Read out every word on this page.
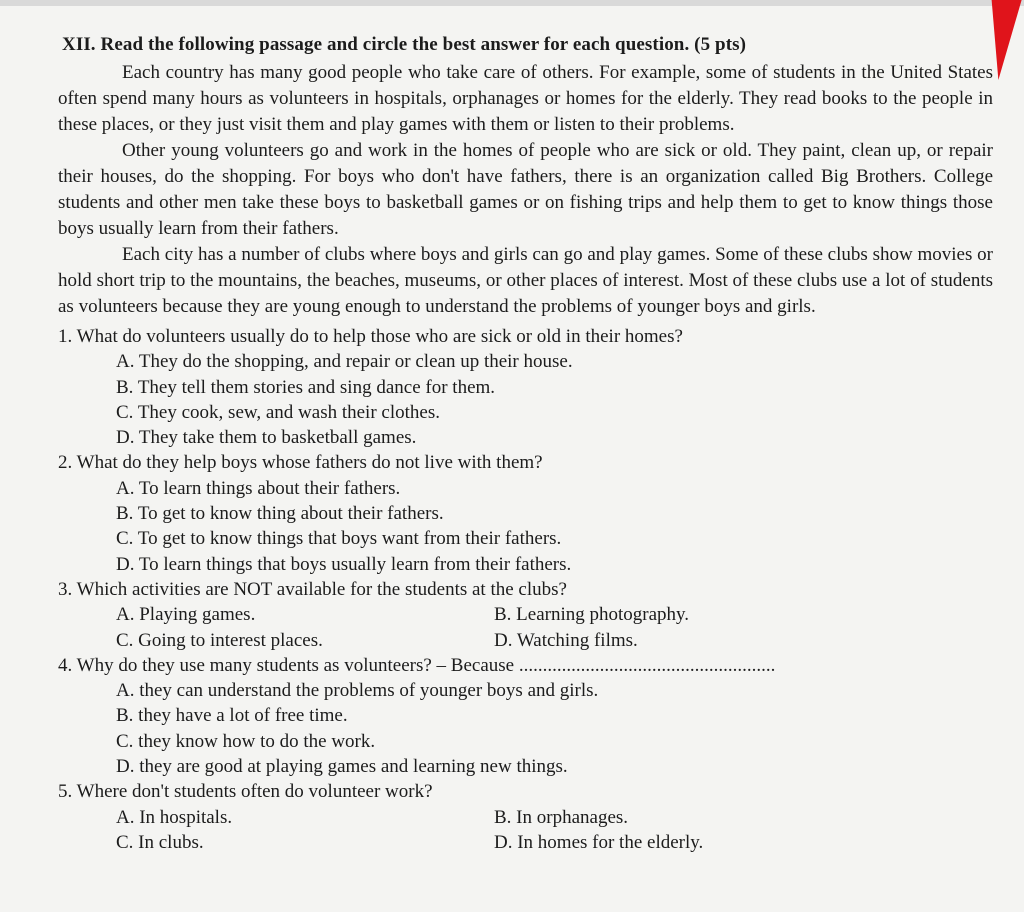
XII. Read the following passage and circle the best answer for each question. (5 pts)

Each country has many good people who take care of others. For example, some of students in the United States often spend many hours as volunteers in hospitals, orphanages or homes for the elderly. They read books to the people in these places, or they just visit them and play games with them or listen to their problems.

Other young volunteers go and work in the homes of people who are sick or old. They paint, clean up, or repair their houses, do the shopping. For boys who don't have fathers, there is an organization called Big Brothers. College students and other men take these boys to basketball games or on fishing trips and help them to get to know things those boys usually learn from their fathers.

Each city has a number of clubs where boys and girls can go and play games. Some of these clubs show movies or hold short trip to the mountains, the beaches, museums, or other places of interest. Most of these clubs use a lot of students as volunteers because they are young enough to understand the problems of younger boys and girls.

1. What do volunteers usually do to help those who are sick or old in their homes?
A. They do the shopping, and repair or clean up their house.
B. They tell them stories and sing dance for them.
C. They cook, sew, and wash their clothes.
D. They take them to basketball games.
2. What do they help boys whose fathers do not live with them?
A. To learn things about their fathers.
B. To get to know thing about their fathers.
C. To get to know things that boys want from their fathers.
D. To learn things that boys usually learn from their fathers.
3. Which activities are NOT available for the students at the clubs?
A. Playing games.	B. Learning photography.
C. Going to interest places.	D. Watching films.
4. Why do they use many students as volunteers? – Because ......................................................
A. they can understand the problems of younger boys and girls.
B. they have a lot of free time.
C. they know how to do the work.
D. they are good at playing games and learning new things.
5. Where don't students often do volunteer work?
A. In hospitals.	B. In orphanages.
C. In clubs.	D. In homes for the elderly.
